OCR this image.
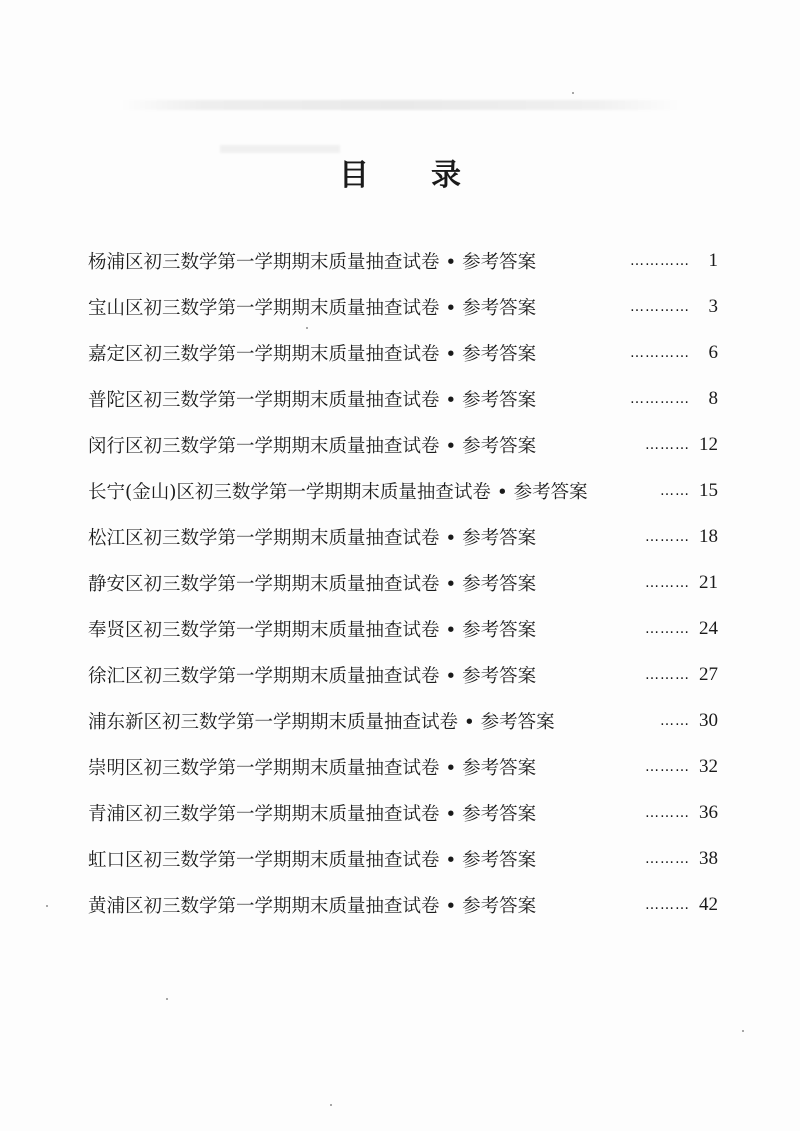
目 录
杨浦区初三数学第一学期期末质量抽查试卷 • 参考答案	………… 1
宝山区初三数学第一学期期末质量抽查试卷 • 参考答案	………… 3
嘉定区初三数学第一学期期末质量抽查试卷 • 参考答案	………… 6
普陀区初三数学第一学期期末质量抽查试卷 • 参考答案	………… 8
闵行区初三数学第一学期期末质量抽查试卷 • 参考答案	……… 12
长宁(金山)区初三数学第一学期期末质量抽查试卷 • 参考答案	…… 15
松江区初三数学第一学期期末质量抽查试卷 • 参考答案	……… 18
静安区初三数学第一学期期末质量抽查试卷 • 参考答案	……… 21
奉贤区初三数学第一学期期末质量抽查试卷 • 参考答案	……… 24
徐汇区初三数学第一学期期末质量抽查试卷 • 参考答案	……… 27
浦东新区初三数学第一学期期末质量抽查试卷 • 参考答案	…… 30
崇明区初三数学第一学期期末质量抽查试卷 • 参考答案	……… 32
青浦区初三数学第一学期期末质量抽查试卷 • 参考答案	……… 36
虹口区初三数学第一学期期末质量抽查试卷 • 参考答案	……… 38
黄浦区初三数学第一学期期末质量抽查试卷 • 参考答案	……… 42
